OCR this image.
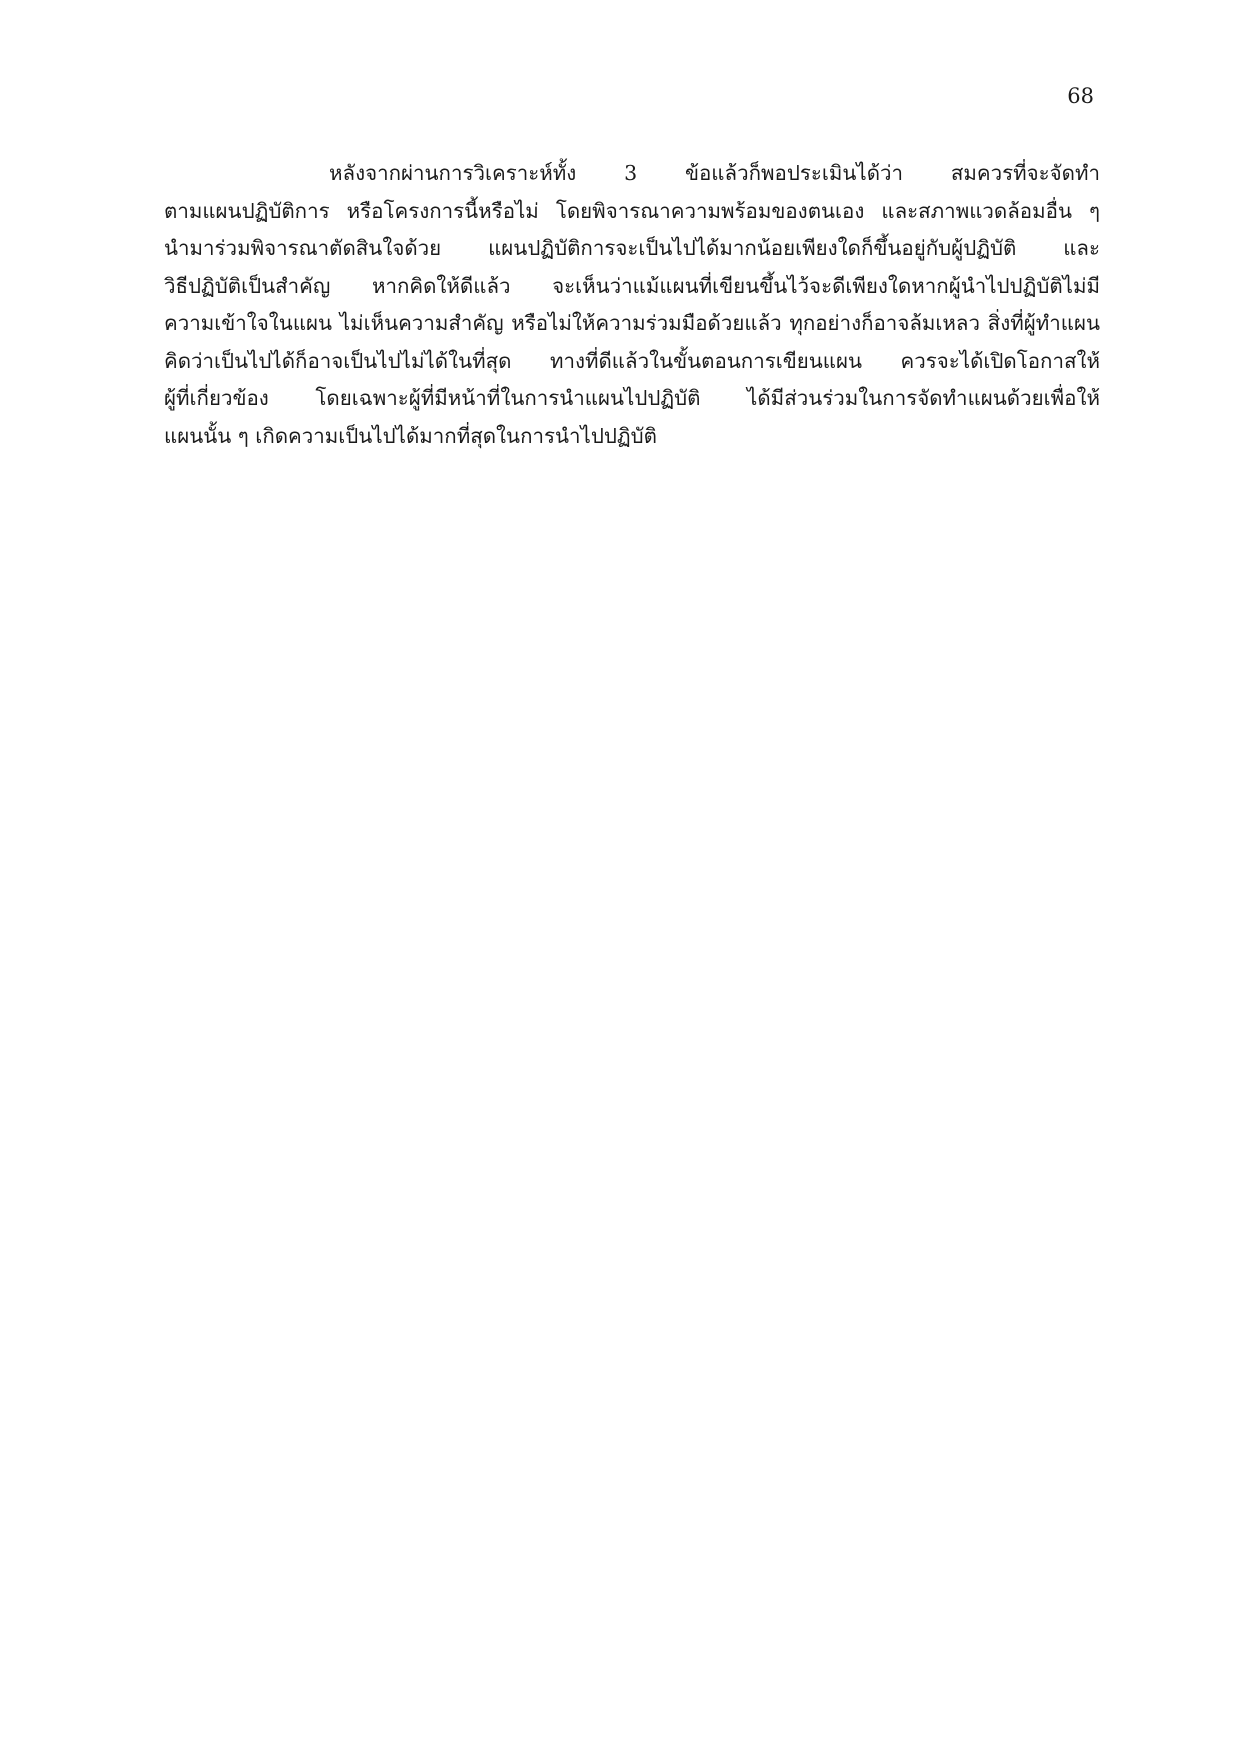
68
หลังจากผ่านการวิเคราะห์ทั้ง 3 ข้อแล้วก็พอประเมินได้ว่า สมควรที่จะจัดทำ
ตามแผนปฏิบัติการ หรือโครงการนี้หรือไม่ โดยพิจารณาความพร้อมของตนเอง และสภาพแวดล้อมอื่น ๆ
นำมาร่วมพิจารณาตัดสินใจด้วย แผนปฏิบัติการจะเป็นไปได้มากน้อยเพียงใดก็ขึ้นอยู่กับผู้ปฏิบัติ และ
วิธีปฏิบัติเป็นสำคัญ หากคิดให้ดีแล้ว จะเห็นว่าแม้แผนที่เขียนขึ้นไว้จะดีเพียงใดหากผู้นำไปปฏิบัติไม่มี
ความเข้าใจในแผน ไม่เห็นความสำคัญ หรือไม่ให้ความร่วมมือด้วยแล้ว ทุกอย่างก็อาจล้มเหลว สิ่งที่ผู้ทำแผน
คิดว่าเป็นไปได้ก็อาจเป็นไปไม่ได้ในที่สุด ทางที่ดีแล้วในขั้นตอนการเขียนแผน ควรจะได้เปิดโอกาสให้
ผู้ที่เกี่ยวข้อง โดยเฉพาะผู้ที่มีหน้าที่ในการนำแผนไปปฏิบัติ ได้มีส่วนร่วมในการจัดทำแผนด้วยเพื่อให้
แผนนั้น ๆ เกิดความเป็นไปได้มากที่สุดในการนำไปปฏิบัติ
